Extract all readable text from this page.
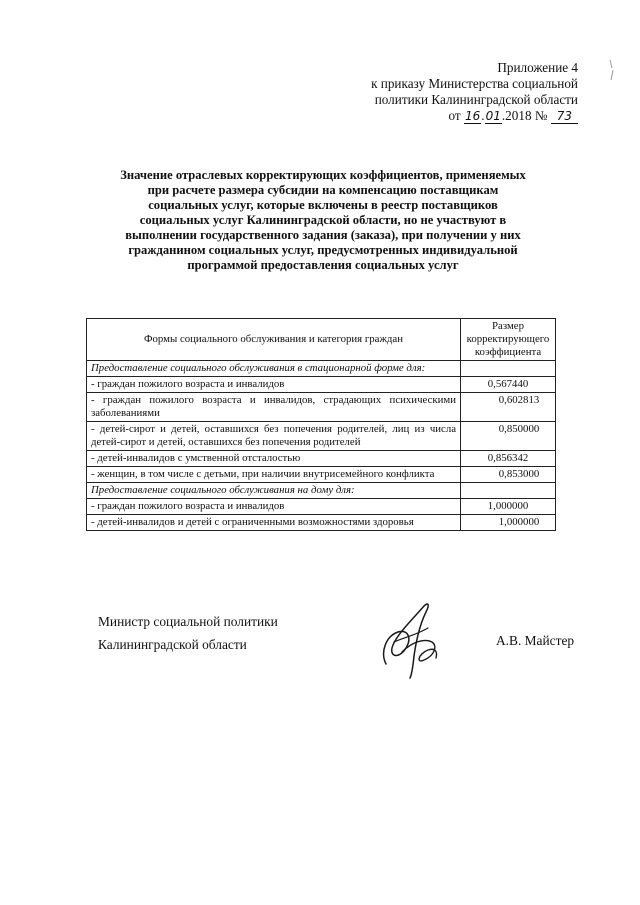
Приложение 4
к приказу Министерства социальной
политики Калининградской области
от 16.01.2018 № 73
Значение отраслевых корректирующих коэффициентов, применяемых
при расчете размера субсидии на компенсацию поставщикам
социальных услуг, которые включены в реестр поставщиков
социальных услуг Калининградской области, но не участвуют в
выполнении государственного задания (заказа), при получении у них
гражданином социальных услуг, предусмотренных индивидуальной
программой предоставления социальных услуг
Формы социального обслуживания и категория граждан	Размер корректирующего коэффициента
Предоставление социального обслуживания в стационарной форме для:	
- граждан пожилого возраста и инвалидов	0,567440
- граждан пожилого возраста и инвалидов, страдающих психическими заболеваниями	0,602813
- детей-сирот и детей, оставшихся без попечения родителей, лиц из числа детей-сирот и детей, оставшихся без попечения родителей	0,850000
- детей-инвалидов с умственной отсталостью	0,856342
- женщин, в том числе с детьми, при наличии внутрисемейного конфликта	0,853000
Предоставление социального обслуживания на дому для:	
- граждан пожилого возраста и инвалидов	1,000000
- детей-инвалидов и детей с ограниченными возможностями здоровья	1,000000
Министр социальной политики
Калининградской области	А.В. Майстер
